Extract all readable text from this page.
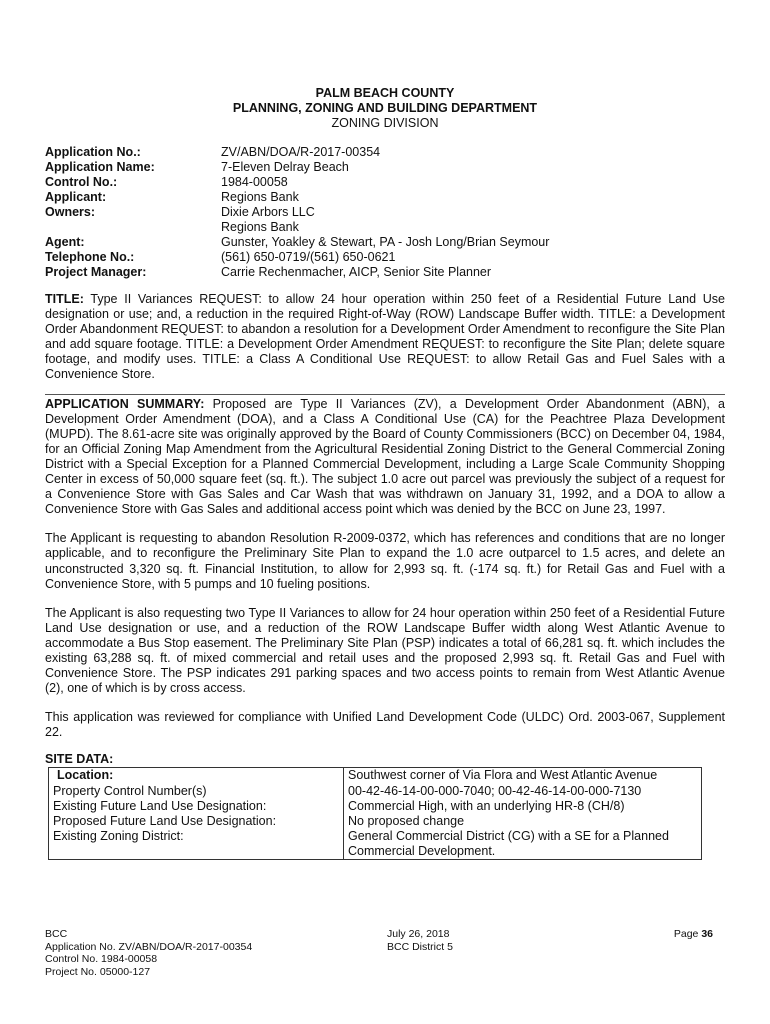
PALM BEACH COUNTY
PLANNING, ZONING AND BUILDING DEPARTMENT
ZONING DIVISION
Application No.:	ZV/ABN/DOA/R-2017-00354
Application Name:	7-Eleven Delray Beach
Control No.:	1984-00058
Applicant:	Regions Bank
Owners:	Dixie Arbors LLC
Regions Bank
Agent:	Gunster, Yoakley & Stewart, PA - Josh Long/Brian Seymour
Telephone No.:	(561) 650-0719/(561) 650-0621
Project Manager:	Carrie Rechenmacher, AICP, Senior Site Planner
TITLE: Type II Variances REQUEST: to allow 24 hour operation within 250 feet of a Residential Future Land Use designation or use; and, a reduction in the required Right-of-Way (ROW) Landscape Buffer width. TITLE: a Development Order Abandonment REQUEST: to abandon a resolution for a Development Order Amendment to reconfigure the Site Plan and add square footage. TITLE: a Development Order Amendment REQUEST: to reconfigure the Site Plan; delete square footage, and modify uses. TITLE: a Class A Conditional Use REQUEST: to allow Retail Gas and Fuel Sales with a Convenience Store.
APPLICATION SUMMARY: Proposed are Type II Variances (ZV), a Development Order Abandonment (ABN), a Development Order Amendment (DOA), and a Class A Conditional Use (CA) for the Peachtree Plaza Development (MUPD). The 8.61-acre site was originally approved by the Board of County Commissioners (BCC) on December 04, 1984, for an Official Zoning Map Amendment from the Agricultural Residential Zoning District to the General Commercial Zoning District with a Special Exception for a Planned Commercial Development, including a Large Scale Community Shopping Center in excess of 50,000 square feet (sq. ft.). The subject 1.0 acre out parcel was previously the subject of a request for a Convenience Store with Gas Sales and Car Wash that was withdrawn on January 31, 1992, and a DOA to allow a Convenience Store with Gas Sales and additional access point which was denied by the BCC on June 23, 1997.
The Applicant is requesting to abandon Resolution R-2009-0372, which has references and conditions that are no longer applicable, and to reconfigure the Preliminary Site Plan to expand the 1.0 acre outparcel to 1.5 acres, and delete an unconstructed 3,320 sq. ft. Financial Institution, to allow for 2,993 sq. ft. (-174 sq. ft.) for Retail Gas and Fuel with a Convenience Store, with 5 pumps and 10 fueling positions.
The Applicant is also requesting two Type II Variances to allow for 24 hour operation within 250 feet of a Residential Future Land Use designation or use, and a reduction of the ROW Landscape Buffer width along West Atlantic Avenue to accommodate a Bus Stop easement. The Preliminary Site Plan (PSP) indicates a total of 66,281 sq. ft. which includes the existing 63,288 sq. ft. of mixed commercial and retail uses and the proposed 2,993 sq. ft. Retail Gas and Fuel with Convenience Store. The PSP indicates 291 parking spaces and two access points to remain from West Atlantic Avenue (2), one of which is by cross access.
This application was reviewed for compliance with Unified Land Development Code (ULDC) Ord. 2003-067, Supplement 22.
SITE DATA:
Location:	Southwest corner of Via Flora and West Atlantic Avenue
Property Control Number(s)	00-42-46-14-00-000-7040; 00-42-46-14-00-000-7130
Existing Future Land Use Designation:	Commercial High, with an underlying HR-8 (CH/8)
Proposed Future Land Use Designation:	No proposed change
Existing Zoning District:	General Commercial District (CG) with a SE for a Planned Commercial Development.
BCC
Application No. ZV/ABN/DOA/R-2017-00354
Control No. 1984-00058
Project No. 05000-127
July 26, 2018
BCC District 5
Page 36
